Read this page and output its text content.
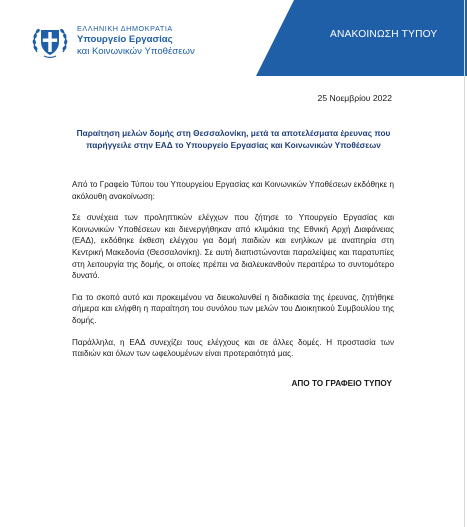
ΕΛΛΗΝΙΚΗ ΔΗΜΟΚΡΑΤΙΑ
Υπουργείο Εργασίας
και Κοινωνικών Υποθέσεων
ΑΝΑΚΟΙΝΩΣΗ ΤΥΠΟΥ
25 Νοεμβρίου 2022
Παραίτηση μελών δομής στη Θεσσαλονίκη, μετά τα αποτελέσματα έρευνας που παρήγγειλε στην ΕΑΔ το Υπουργείο Εργασίας και Κοινωνικών Υποθέσεων

Από το Γραφείο Τύπου του Υπουργείου Εργασίας και Κοινωνικών Υποθέσεων εκδόθηκε η ακόλουθη ανακοίνωση:

Σε συνέχεια των προληπτικών ελέγχων που ζήτησε το Υπουργείο Εργασίας και Κοινωνικών Υποθέσεων και διενεργήθηκαν από κλιμάκια της Εθνική Αρχή Διαφάνειας (ΕΑΔ), εκδόθηκε έκθεση ελέγχου για δομή παιδιών και ενηλίκων με αναπηρία στη Κεντρική Μακεδονία (Θεσσαλονίκη). Σε αυτή διαπιστώνονται παραλείψεις και παρατυπίες στη λειτουργία της δομής, οι οποίες πρέπει να διαλευκανθούν περαιτέρω το συντομότερο δυνατό.

Για το σκοπό αυτό και προκειμένου να διευκολυνθεί η διαδικασία της έρευνας, ζητήθηκε σήμερα και ελήφθη η παραίτηση του συνόλου των μελών του Διοικητικού Συμβουλίου της δομής.

Παράλληλα, η ΕΑΔ συνεχίζει τους ελέγχους και σε άλλες δομές. Η προστασία των παιδιών και όλων των ωφελουμένων είναι προτεραιότητά μας.

ΑΠΟ ΤΟ ΓΡΑΦΕΙΟ ΤΥΠΟΥ
